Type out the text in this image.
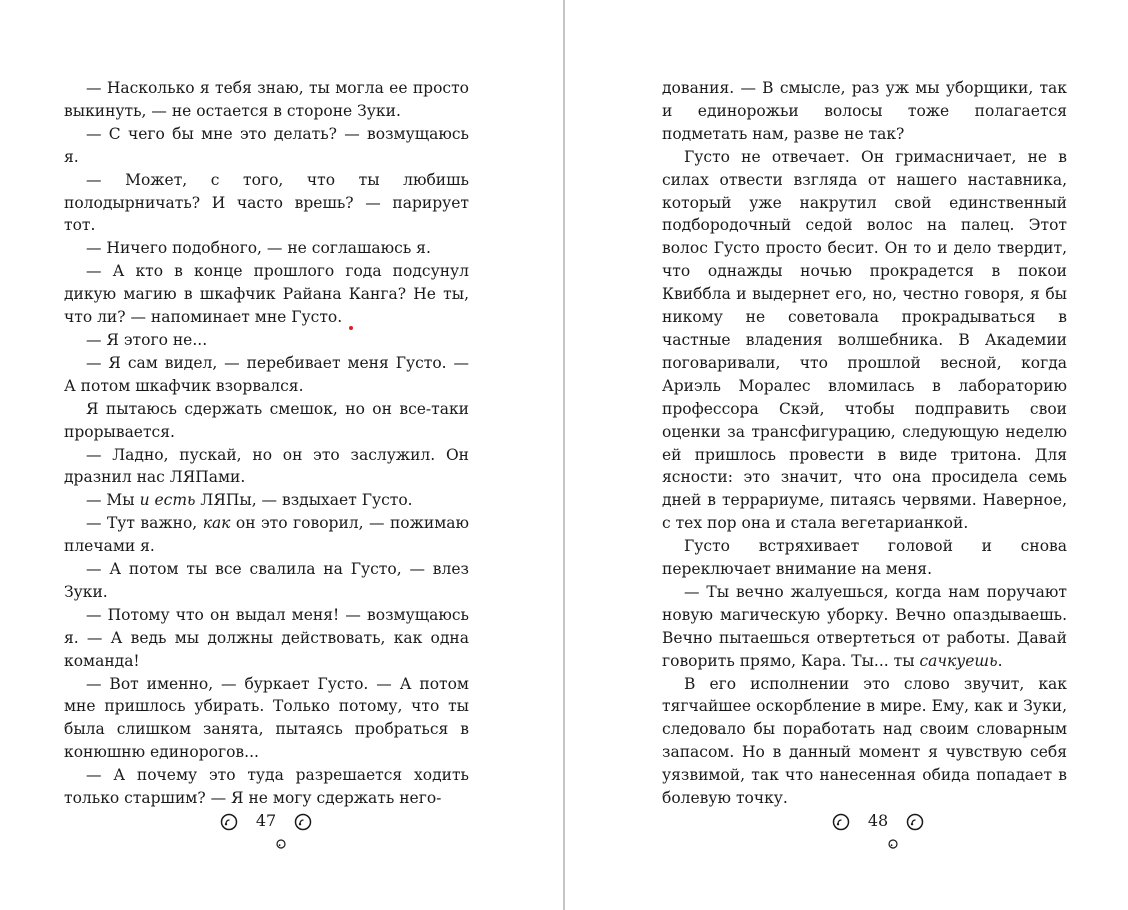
— Насколько я тебя знаю, ты могла ее просто выкинуть, — не остается в стороне Зуки.

— С чего бы мне это делать? — возмущаюсь я.

— Может, с того, что ты любишь полодырничать? И часто врешь? — парирует тот.

— Ничего подобного, — не соглашаюсь я.

— А кто в конце прошлого года подсунул дикую магию в шкафчик Райана Канга? Не ты, что ли? — напоминает мне Густо.

— Я этого не...

— Я сам видел, — перебивает меня Густо. — А потом шкафчик взорвался.

Я пытаюсь сдержать смешок, но он все-таки прорывается.

— Ладно, пускай, но он это заслужил. Он дразнил нас ЛЯПами.

— Мы и есть ЛЯПы, — вздыхает Густо.

— Тут важно, как он это говорил, — пожимаю плечами я.

— А потом ты все свалила на Густо, — влез Зуки.

— Потому что он выдал меня! — возмущаюсь я. — А ведь мы должны действовать, как одна команда!

— Вот именно, — буркает Густо. — А потом мне пришлось убирать. Только потому, что ты была слишком занята, пытаясь пробраться в конюшню единорогов...

— А почему это туда разрешается ходить только старшим? — Я не могу сдержать него-

47

дования. — В смысле, раз уж мы уборщики, так и единорожьи волосы тоже полагается подметать нам, разве не так?

Густо не отвечает. Он гримасничает, не в силах отвести взгляда от нашего наставника, который уже накрутил свой единственный подбородочный седой волос на палец. Этот волос Густо просто бесит. Он то и дело твердит, что однажды ночью прокрадется в покои Квиббла и выдернет его, но, честно говоря, я бы никому не советовала прокрадываться в частные владения волшебника. В Академии поговаривали, что прошлой весной, когда Ариэль Моралес вломилась в лабораторию профессора Скэй, чтобы подправить свои оценки за трансфигурацию, следующую неделю ей пришлось провести в виде тритона. Для ясности: это значит, что она просидела семь дней в террариуме, питаясь червями. Наверное, с тех пор она и стала вегетарианкой.

Густо встряхивает головой и снова переключает внимание на меня.

— Ты вечно жалуешься, когда нам поручают новую магическую уборку. Вечно опаздываешь. Вечно пытаешься отвертеться от работы. Давай говорить прямо, Кара. Ты... ты сачкуешь.

В его исполнении это слово звучит, как тягчайшее оскорбление в мире. Ему, как и Зуки, следовало бы поработать над своим словарным запасом. Но в данный момент я чувствую себя уязвимой, так что нанесенная обида попадает в болевую точку.

48
